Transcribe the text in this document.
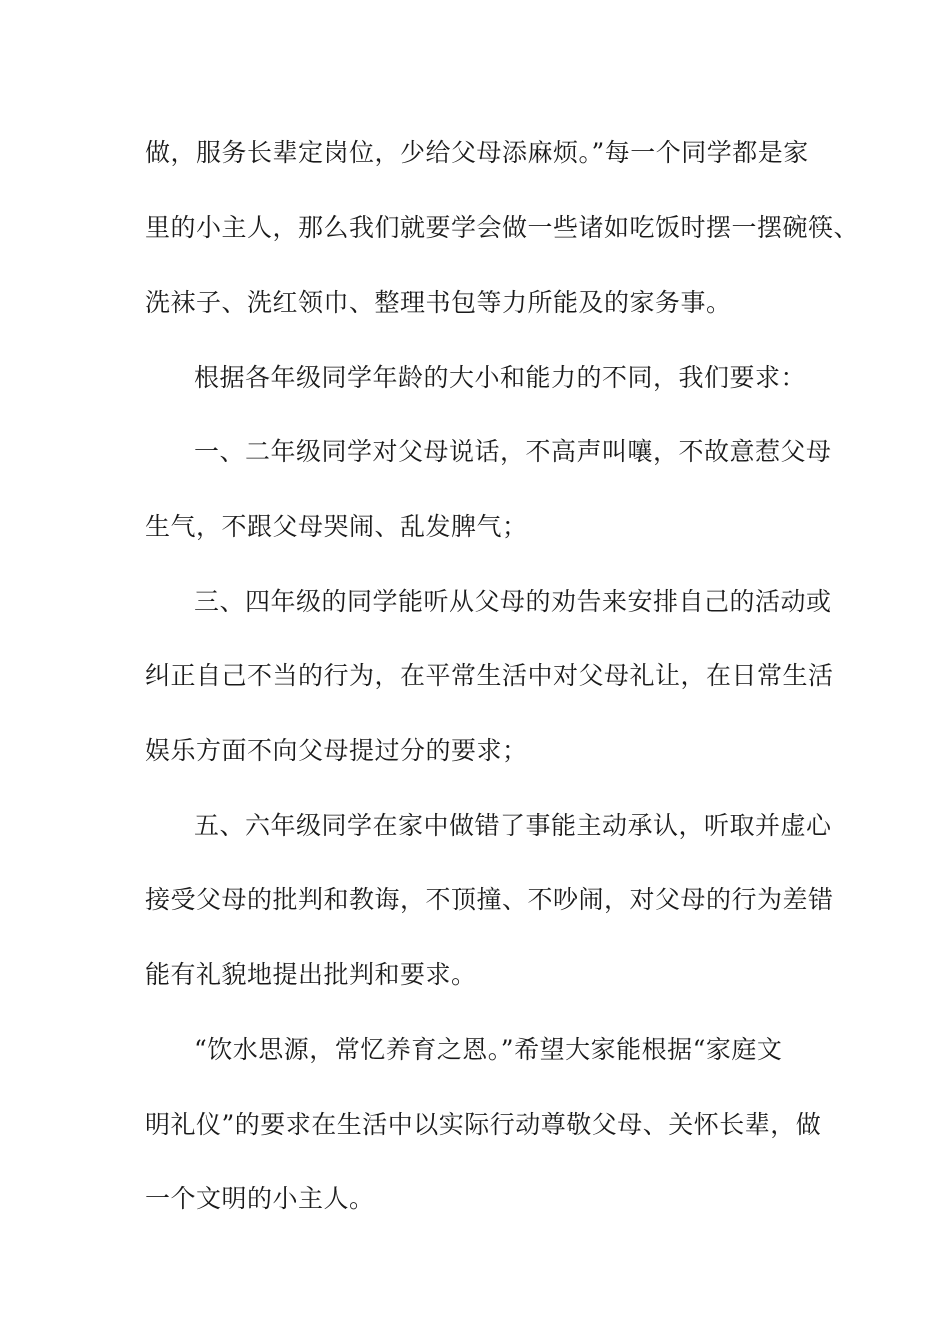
做，服务长辈定岗位，少给父母添麻烦。”每一个同学都是家

里的小主人，那么我们就要学会做一些诸如吃饭时摆一摆碗筷、

洗袜子、洗红领巾、整理书包等力所能及的家务事。

根据各年级同学年龄的大小和能力的不同，我们要求：

一、二年级同学对父母说话，不高声叫嚷，不故意惹父母

生气，不跟父母哭闹、乱发脾气；

三、四年级的同学能听从父母的劝告来安排自己的活动或

纠正自己不当的行为，在平常生活中对父母礼让，在日常生活

娱乐方面不向父母提过分的要求；

五、六年级同学在家中做错了事能主动承认，听取并虚心

接受父母的批判和教诲，不顶撞、不吵闹，对父母的行为差错

能有礼貌地提出批判和要求。

“饮水思源，常忆养育之恩。”希望大家能根据“家庭文

明礼仪”的要求在生活中以实际行动尊敬父母、关怀长辈，做

一个文明的小主人。
